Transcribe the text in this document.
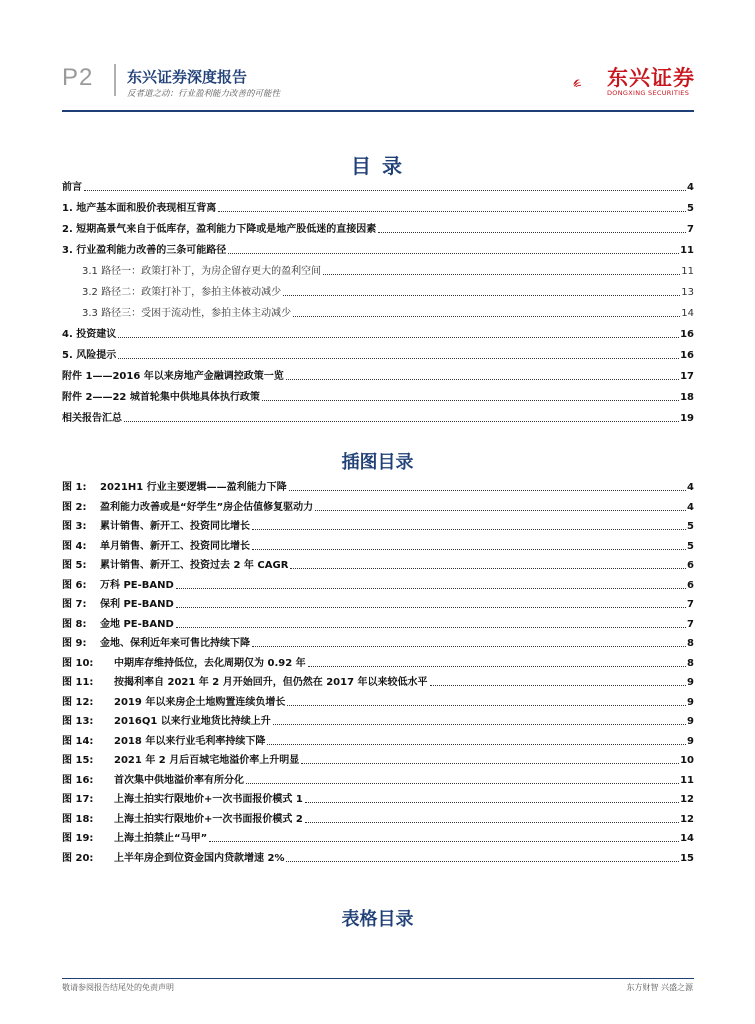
P2 东兴证券深度报告
反者道之动：行业盈利能力改善的可能性
东兴证券
DONGXING SECURITIES
目 录
前言	4
1. 地产基本面和股价表现相互背离	5
2. 短期高景气来自于低库存，盈利能力下降或是地产股低迷的直接因素	7
3. 行业盈利能力改善的三条可能路径	11
3.1 路径一：政策打补丁，为房企留存更大的盈利空间	11
3.2 路径二：政策打补丁，参拍主体被动减少	13
3.3 路径三：受困于流动性，参拍主体主动减少	14
4. 投资建议	16
5. 风险提示	16
附件 1——2016 年以来房地产金融调控政策一览	17
附件 2——22 城首轮集中供地具体执行政策	18
相关报告汇总	19
插图目录
图 1: 2021H1 行业主要逻辑——盈利能力下降	4
图 2: 盈利能力改善或是“好学生”房企估值修复驱动力	4
图 3: 累计销售、新开工、投资同比增长	5
图 4: 单月销售、新开工、投资同比增长	5
图 5: 累计销售、新开工、投资过去 2 年 CAGR	6
图 6: 万科 PE-BAND	6
图 7: 保利 PE-BAND	7
图 8: 金地 PE-BAND	7
图 9: 金地、保利近年来可售比持续下降	8
图 10: 中期库存维持低位，去化周期仅为 0.92 年	8
图 11: 按揭利率自 2021 年 2 月开始回升，但仍然在 2017 年以来较低水平	9
图 12: 2019 年以来房企土地购置连续负增长	9
图 13: 2016Q1 以来行业地货比持续上升	9
图 14: 2018 年以来行业毛利率持续下降	9
图 15: 2021 年 2 月后百城宅地溢价率上升明显	10
图 16: 首次集中供地溢价率有所分化	11
图 17: 上海土拍实行限地价+一次书面报价模式 1	12
图 18: 上海土拍实行限地价+一次书面报价模式 2	12
图 19: 上海土拍禁止“马甲”	14
图 20: 上半年房企到位资金国内贷款增速 2%	15
表格目录
敬请参阅报告结尾处的免责声明	东方财智 兴盛之源
